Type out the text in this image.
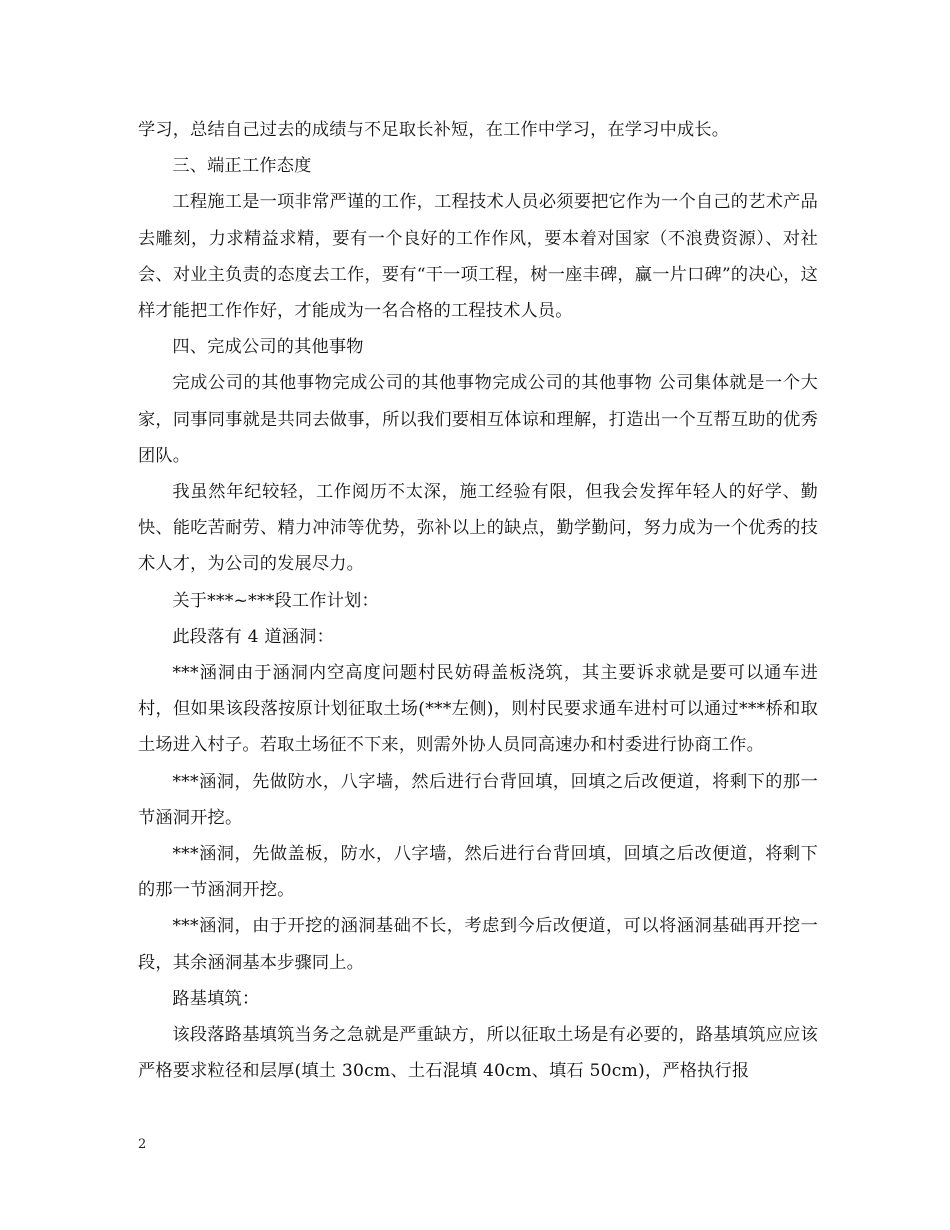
学习，总结自己过去的成绩与不足取长补短，在工作中学习，在学习中成长。

三、端正工作态度

工程施工是一项非常严谨的工作，工程技术人员必须要把它作为一个自己的艺术产品去雕刻，力求精益求精，要有一个良好的工作作风，要本着对国家（不浪费资源）、对社会、对业主负责的态度去工作，要有“干一项工程，树一座丰碑，赢一片口碑”的决心，这样才能把工作作好，才能成为一名合格的工程技术人员。

四、完成公司的其他事物

完成公司的其他事物完成公司的其他事物完成公司的其他事物 公司集体就是一个大家，同事同事就是共同去做事，所以我们要相互体谅和理解，打造出一个互帮互助的优秀团队。

我虽然年纪较轻，工作阅历不太深，施工经验有限，但我会发挥年轻人的好学、勤快、能吃苦耐劳、精力冲沛等优势，弥补以上的缺点，勤学勤问，努力成为一个优秀的技术人才，为公司的发展尽力。

关于***~***段工作计划：

此段落有 4 道涵洞：

***涵洞由于涵洞内空高度问题村民妨碍盖板浇筑，其主要诉求就是要可以通车进村，但如果该段落按原计划征取土场(***左侧)，则村民要求通车进村可以通过***桥和取土场进入村子。若取土场征不下来，则需外协人员同高速办和村委进行协商工作。

***涵洞，先做防水，八字墙，然后进行台背回填，回填之后改便道，将剩下的那一节涵洞开挖。

***涵洞，先做盖板，防水，八字墙，然后进行台背回填，回填之后改便道，将剩下的那一节涵洞开挖。

***涵洞，由于开挖的涵洞基础不长，考虑到今后改便道，可以将涵洞基础再开挖一段，其余涵洞基本步骤同上。

路基填筑：

该段落路基填筑当务之急就是严重缺方，所以征取土场是有必要的，路基填筑应应该严格要求粒径和层厚(填土 30cm、土石混填 40cm、填石 50cm)，严格执行报

2
